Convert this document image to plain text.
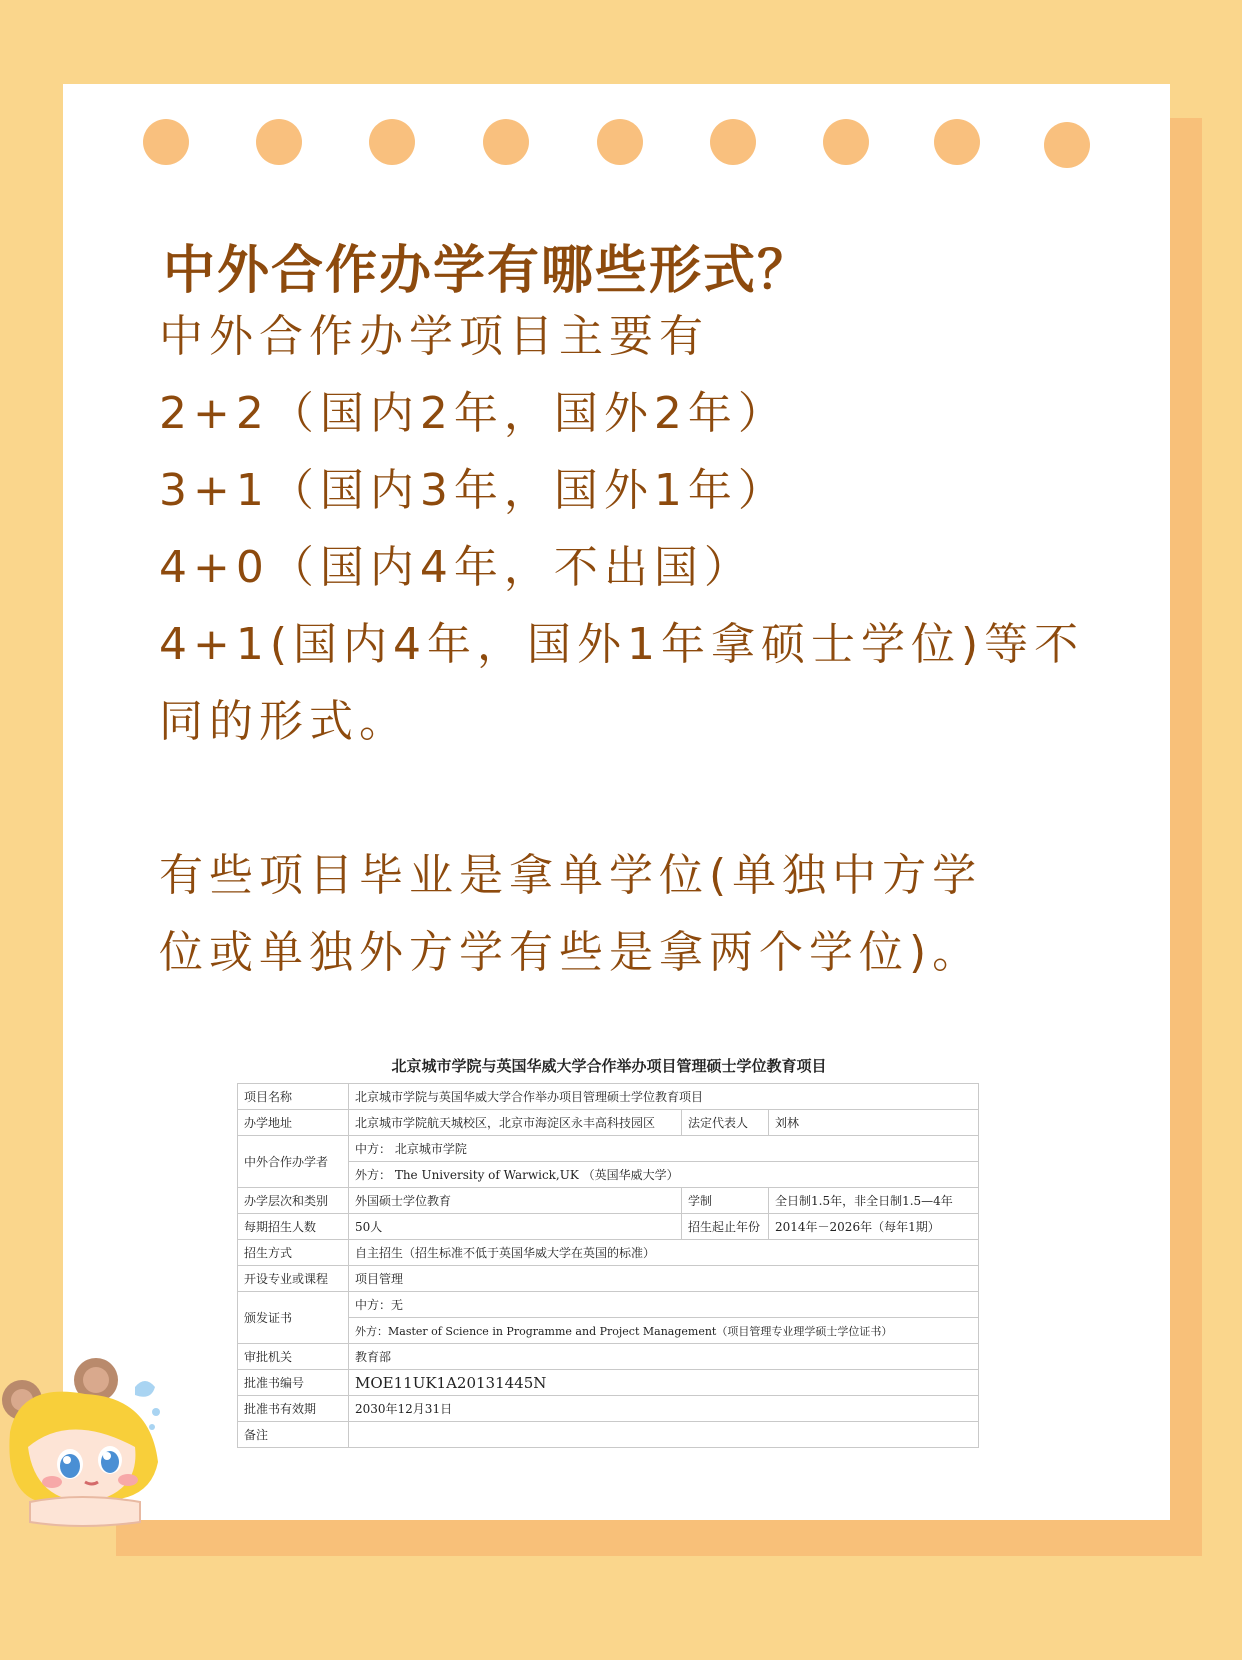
中外合作办学有哪些形式？
中外合作办学项目主要有
2+2（国内2年，国外2年）
3+1（国内3年，国外1年）
4+0（国内4年，不出国）
4+1(国内4年，国外1年拿硕士学位)等不
同的形式。

有些项目毕业是拿单学位(单独中方学
位或单独外方学有些是拿两个学位)。
北京城市学院与英国华威大学合作举办项目管理硕士学位教育项目
项目名称	北京城市学院与英国华威大学合作举办项目管理硕士学位教育项目		
办学地址	北京城市学院航天城校区，北京市海淀区永丰高科技园区	法定代表人	刘林
中外合作办学者	中方： 北京城市学院		
	外方： The University of Warwick,UK （英国华威大学）		
办学层次和类别	外国硕士学位教育	学制	全日制1.5年，非全日制1.5—4年
每期招生人数	50人	招生起止年份	2014年－2026年（每年1期）
招生方式	自主招生（招生标准不低于英国华威大学在英国的标准）		
开设专业或课程	项目管理		
颁发证书	中方：无		
	外方：Master of Science in Programme and Project Management（项目管理专业理学硕士学位证书）		
审批机关	教育部		
批准书编号	MOE11UK1A20131445N		
批准书有效期	2030年12月31日		
备注			
